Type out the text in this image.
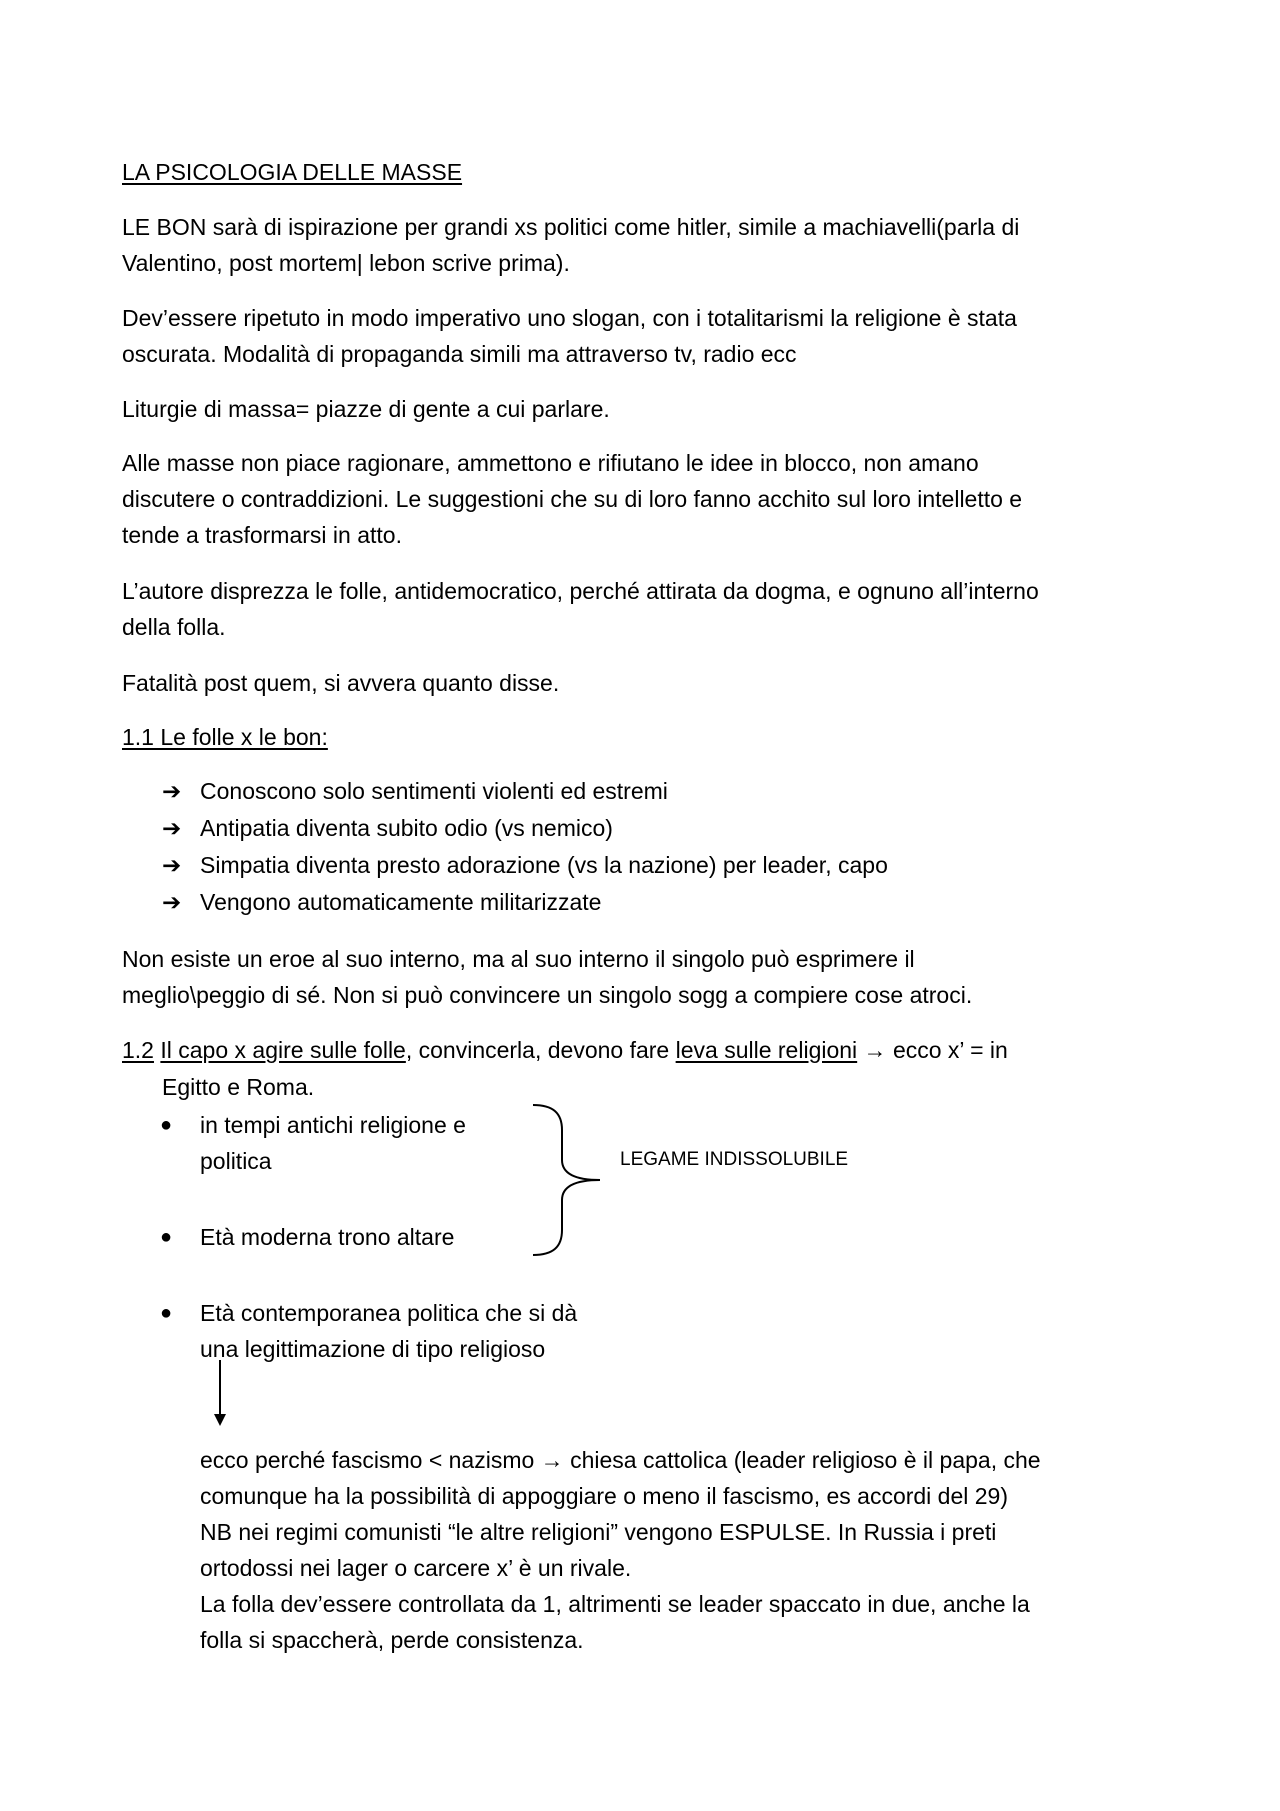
LA PSICOLOGIA DELLE MASSE
LE BON sarà di ispirazione per grandi xs politici come hitler, simile a machiavelli(parla di
Valentino, post mortem| lebon scrive prima).
Dev’essere ripetuto in modo imperativo uno slogan, con i totalitarismi la religione è stata
oscurata. Modalità di propaganda simili ma attraverso tv, radio ecc
Liturgie di massa= piazze di gente a cui parlare.
Alle masse non piace ragionare, ammettono e rifiutano le idee in blocco, non amano
discutere o contraddizioni. Le suggestioni che su di loro fanno acchito sul loro intelletto e
tende a trasformarsi in atto.
L’autore disprezza le folle, antidemocratico, perché attirata da dogma, e ognuno all’interno
della folla.
Fatalità post quem, si avvera quanto disse.
1.1 Le folle x le bon:
➔ Conoscono solo sentimenti violenti ed estremi
➔ Antipatia diventa subito odio (vs nemico)
➔ Simpatia diventa presto adorazione (vs la nazione) per leader, capo
➔ Vengono automaticamente militarizzate
Non esiste un eroe al suo interno, ma al suo interno il singolo può esprimere il
meglio\peggio di sé. Non si può convincere un singolo sogg a compiere cose atroci.
1.2 Il capo x agire sulle folle, convincerla, devono fare leva sulle religioni → ecco x’ = in
Egitto e Roma.
● in tempi antichi religione e
politica
● Età moderna trono altare
LEGAME INDISSOLUBILE
● Età contemporanea politica che si dà
una legittimazione di tipo religioso
ecco perché fascismo < nazismo → chiesa cattolica (leader religioso è il papa, che
comunque ha la possibilità di appoggiare o meno il fascismo, es accordi del 29)
NB nei regimi comunisti “le altre religioni” vengono ESPULSE. In Russia i preti
ortodossi nei lager o carcere x’ è un rivale.
La folla dev’essere controllata da 1, altrimenti se leader spaccato in due, anche la
folla si spaccherà, perde consistenza.
